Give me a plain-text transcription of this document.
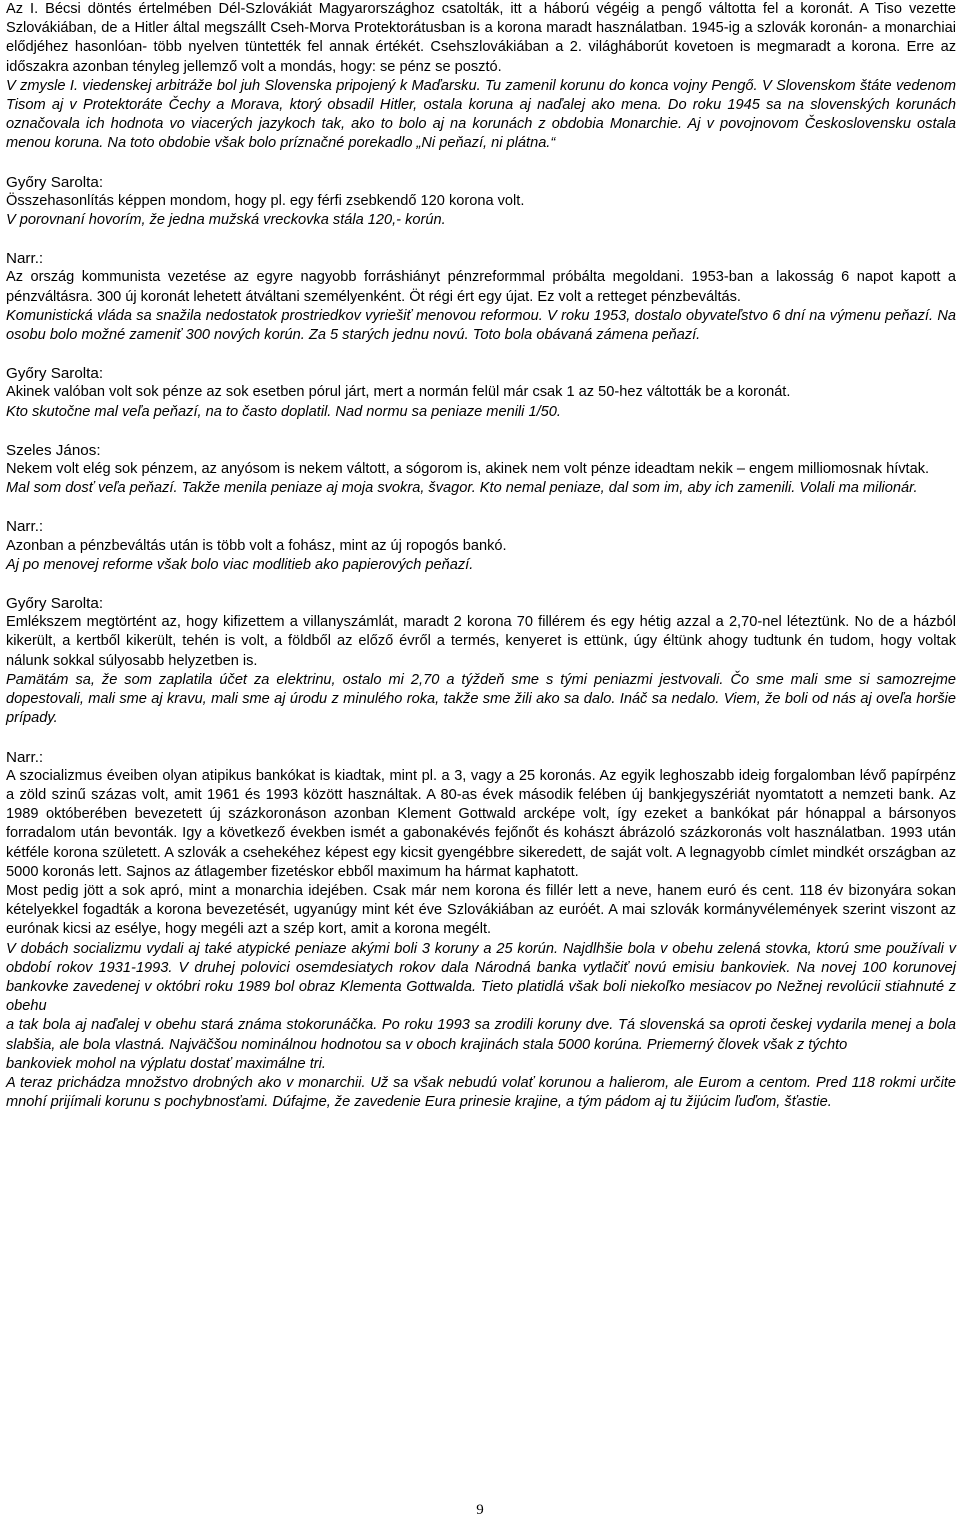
Az I. Bécsi döntés értelmében Dél-Szlovákiát Magyarországhoz csatolták, itt a háború végéig a pengő váltotta fel a koronát. A Tiso vezette Szlovákiában, de a Hitler által megszállt Cseh-Morva Protektorátusban is a korona maradt használatban. 1945-ig a szlovák koronán- a monarchiai elődjéhez hasonlóan- több nyelven tüntették fel annak értékét. Csehszlovákiában a 2. világháborút kovetoen is megmaradt a korona. Erre az időszakra azonban tényleg jellemző volt a mondás, hogy: se pénz se posztó.
V zmysle I. viedenskej arbitráže bol juh Slovenska pripojený k Maďarsku. Tu zamenil korunu do konca vojny Pengő. V Slovenskom štáte vedenom Tisom aj v Protektoráte Čechy a Morava, ktorý obsadil Hitler, ostala koruna aj naďalej ako mena. Do roku 1945 sa na slovenských korunách označovala ich hodnota vo viacerých jazykoch tak, ako to bolo aj na korunách z obdobia Monarchie. Aj v povojnovom Československu ostala menou koruna. Na toto obdobie však bolo príznačné porekadlo „Ni peňazí, ni plátna.“
Győry Sarolta:
Összehasonlítás képpen mondom, hogy pl. egy férfi zsebkendő 120 korona volt.
V porovnaní hovorím, že jedna mužská vreckovka stála 120,- korún.
Narr.:
Az ország kommunista vezetése az egyre nagyobb forráshiányt pénzreformmal próbálta megoldani. 1953-ban a lakosság 6 napot kapott a pénzváltásra. 300 új koronát lehetett átváltani személyenként. Öt régi ért egy újat. Ez volt a retteget pénzbeváltás.
Komunistická vláda sa snažila nedostatok prostriedkov vyriešiť menovou reformou. V roku 1953, dostalo obyvateľstvo 6 dní na výmenu peňazí. Na osobu bolo možné zameniť 300 nových korún. Za 5 starých jednu novú. Toto bola obávaná zámena peňazí.
Győry Sarolta:
Akinek valóban volt sok pénze az sok esetben pórul járt, mert a normán felül már csak 1 az 50-hez váltották be a koronát.
Kto skutočne mal veľa peňazí, na to často doplatil. Nad normu sa peniaze menili 1/50.
Szeles János:
Nekem volt elég sok pénzem, az anyósom is nekem váltott, a sógorom is, akinek nem volt pénze ideadtam nekik – engem milliomosnak hívtak.
Mal som dosť veľa peňazí. Takže menila peniaze aj moja svokra, švagor. Kto nemal peniaze, dal som im, aby ich zamenili. Volali ma milionár.
Narr.:
Azonban a pénzbeváltás után is több volt a fohász, mint az új ropogós bankó.
Aj po menovej reforme však bolo viac modlitieb ako papierových peňazí.
Győry Sarolta:
Emlékszem megtörtént az, hogy kifizettem a villanyszámlát, maradt 2 korona 70 fillérem és egy hétig azzal a 2,70-nel léteztünk. No de a házból kikerült, a kertből kikerült, tehén is volt, a földből az előző évről a termés, kenyeret is ettünk, úgy éltünk ahogy tudtunk én tudom, hogy voltak nálunk sokkal súlyosabb helyzetben is.
Pamätám sa, že som zaplatila účet za elektrinu, ostalo mi 2,70 a týždeň sme s tými peniazmi jestvovali. Čo sme mali sme si samozrejme dopestovali, mali sme aj kravu, mali sme aj úrodu z minulého roka, takže sme žili ako sa dalo. Ináč sa nedalo. Viem, že boli od nás aj oveľa horšie prípady.
Narr.:
A szocializmus éveiben olyan atipikus bankókat is kiadtak, mint pl. a 3, vagy a 25 koronás. Az egyik leghoszabb ideig forgalomban lévő papírpénz a zöld szinű százas volt, amit 1961 és 1993 között használtak. A 80-as évek második felében új bankjegyszériát nyomtatott a nemzeti bank. Az 1989 októberében bevezetett új százkoronáson azonban Klement Gottwald arcképe volt, így ezeket a bankókat pár hónappal a bársonyos forradalom után bevonták. Igy a következő években ismét a gabonakévés fejőnőt és kohászt ábrázoló százkoronás volt használatban. 1993 után kétféle korona született. A szlovák a csehekéhez képest egy kicsit gyengébbre sikeredett, de saját volt. A legnagyobb címlet mindkét országban az 5000 koronás lett. Sajnos az átlagember fizetéskor ebből maximum ha hármat kaphatott.
Most pedig jött a sok apró, mint a monarchia idejében. Csak már nem korona és fillér lett a neve, hanem euró és cent. 118 év bizonyára sokan kételyekkel fogadták a korona bevezetését, ugyanúgy mint két éve Szlovákiában az eurόét. A mai szlovák kormányvélemények szerint viszont az eurónak kicsi az esélye, hogy megéli azt a szép kort, amit a korona megélt.
V dobách socializmu vydali aj také atypické peniaze akými boli 3 koruny a 25 korún. Najdlhšie bola v obehu zelená stovka, ktorú sme používali v období rokov 1931-1993. V druhej polovici osemdesiatych rokov dala Národná banka vytlačiť novú emisiu bankoviek. Na novej 100 korunovej bankovke zavedenej v októbri roku 1989 bol obraz Klementa Gottwalda. Tieto platidlá však boli niekoľko mesiacov po Nežnej revolúcii stiahnuté z obehu
a tak bola aj naďalej v obehu stará známa stokorunáčka. Po roku 1993 sa zrodili koruny dve. Tá slovenská sa oproti českej vydarila menej a bola slabšia, ale bola vlastná. Najväčšou nominálnou hodnotou sa v oboch krajinách stala 5000 korúna. Priemerný človek však z týchto
bankoviek mohol na výplatu dostať maximálne tri.
A teraz prichádza množstvo drobných ako v monarchii. Už sa však nebudú volať korunou a halierom, ale Eurom a centom. Pred 118 rokmi určite mnohí prijímali korunu s pochybnosťami. Dúfajme, že zavedenie Eura prinesie krajine, a tým pádom aj tu žijúcim ľuďom, šťastie.
9
